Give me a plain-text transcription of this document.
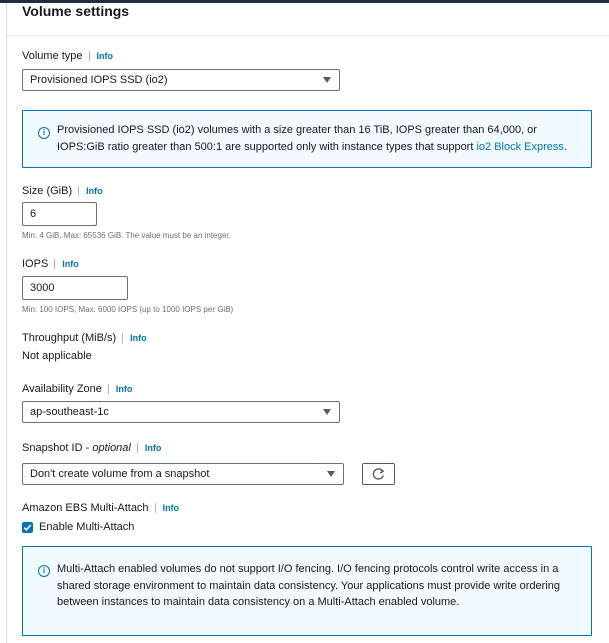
Volume settings
Volume type Info
Provisioned IOPS SSD (io2)
i	Provisioned IOPS SSD (io2) volumes with a size greater than 16 TiB, IOPS greater than 64,000, or IOPS:GiB ratio greater than 500:1 are supported only with instance types that support io2 Block Express.
Size (GiB) Info
6
Min: 4 GiB, Max: 65536 GiB. The value must be an integer.
IOPS Info
3000
Min: 100 IOPS, Max: 6000 IOPS (up to 1000 IOPS per GiB)
Throughput (MiB/s) Info
Not applicable
Availability Zone Info
ap-southeast-1c
Snapshot ID - optional Info
Don't create volume from a snapshot
Amazon EBS Multi-Attach Info
Enable Multi-Attach
i	Multi-Attach enabled volumes do not support I/O fencing. I/O fencing protocols control write access in a shared storage environment to maintain data consistency. Your applications must provide write ordering between instances to maintain data consistency on a Multi-Attach enabled volume.
